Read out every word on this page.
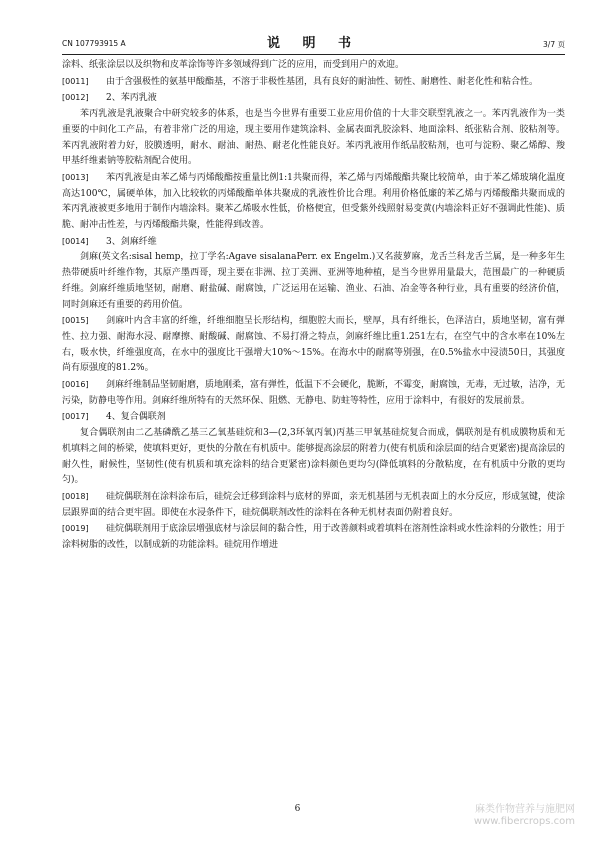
CN 107793915 A	说 明 书	3/7 页

涂料、纸张涂层以及织物和皮革涂饰等许多领域得到广泛的应用，而受到用户的欢迎。

[0011] 由于含强极性的氨基甲酸酯基，不溶于非极性基团，具有良好的耐油性、韧性、耐磨性、耐老化性和粘合性。

[0012] 2、苯丙乳液

苯丙乳液是乳液聚合中研究较多的体系，也是当今世界有重要工业应用价值的十大非交联型乳液之一。苯丙乳液作为一类重要的中间化工产品，有着非常广泛的用途，现主要用作建筑涂料、金属表面乳胶涂料、地面涂料、纸张粘合剂、胶粘剂等。苯丙乳液附着力好，胶膜透明，耐水、耐油、耐热、耐老化性能良好。苯丙乳液用作纸品胶粘剂，也可与淀粉、聚乙烯醇、羧甲基纤维素钠等胶粘剂配合使用。

[0013] 苯丙乳液是由苯乙烯与丙烯酸酯按重量比例1:1共聚而得，苯乙烯与丙烯酸酯共聚比较简单，由于苯乙烯玻璃化温度高达100℃，属硬单体，加入比较软的丙烯酸酯单体共聚成的乳液性价比合理。利用价格低廉的苯乙烯与丙烯酸酯共聚而成的苯丙乳液被更多地用于制作内墙涂料。聚苯乙烯吸水性低，价格便宜，但受紫外线照射易变黄(内墙涂料正好不强调此性能)、质脆、耐冲击性差，与丙烯酸酯共聚，性能得到改善。

[0014] 3、剑麻纤维

剑麻(英文名:sisal hemp，拉丁学名:Agave sisalanaPerr. ex Engelm.)又名菠萝麻，龙舌兰科龙舌兰属，是一种多年生热带硬质叶纤维作物，其原产墨西哥，现主要在非洲、拉丁美洲、亚洲等地种植，是当今世界用量最大，范围最广的一种硬质纤维。剑麻纤维质地坚韧，耐磨、耐盐碱、耐腐蚀，广泛运用在运输、渔业、石油、冶金等各种行业，具有重要的经济价值，同时剑麻还有重要的药用价值。

[0015] 剑麻叶内含丰富的纤维，纤维细胞呈长形结构，细胞腔大而长，壁厚，具有纤维长，色泽洁白，质地坚韧，富有弹性、拉力强、耐海水浸、耐摩擦、耐酸碱、耐腐蚀、不易打滑之特点，剑麻纤维比重1.251左右，在空气中的含水率在10%左右，吸水快，纤维强度高，在水中的强度比干强增大10%～15%。在海水中的耐腐等别强，在0.5%盐水中浸渍50日，其强度尚有原强度的81.2%。

[0016] 剑麻纤维制品坚韧耐磨，质地刚柔，富有弹性，低温下不会硬化，脆断，不霉变，耐腐蚀，无毒，无过敏，洁净，无污染，防静电等作用。剑麻纤维所特有的天然环保、阻燃、无静电、防蛀等特性，应用于涂料中，有很好的发展前景。

[0017] 4、复合偶联剂

复合偶联剂由二乙基磷酰乙基三乙氧基硅烷和3—(2,3环氧丙氧)丙基三甲氧基硅烷复合而成，偶联剂是有机成膜物质和无机填料之间的桥梁，使填料更好，更快的分散在有机质中。能够提高涂层的附着力(使有机质和涂层面的结合更紧密)提高涂层的耐久性，耐候性，坚韧性(使有机质和填充涂料的结合更紧密)涂料颜色更均匀(降低填料的分散粘度，在有机质中分散的更均匀)。

[0018] 硅烷偶联剂在涂料涂布后，硅烷会迁移到涂料与底材的界面，亲无机基团与无机表面上的水分反应，形成氢键，使涂层跟界面的结合更牢固。即使在水浸条件下，硅烷偶联剂改性的涂料在各种无机材表面仍附着良好。

[0019] 硅烷偶联剂用于底涂层增强底材与涂层间的黏合性，用于改善颜料或着填料在溶剂性涂料或水性涂料的分散性；用于涂料树脂的改性，以制成新的功能涂料。硅烷用作增进

6	麻类作物营养与施肥网
www.fibercrops.com
